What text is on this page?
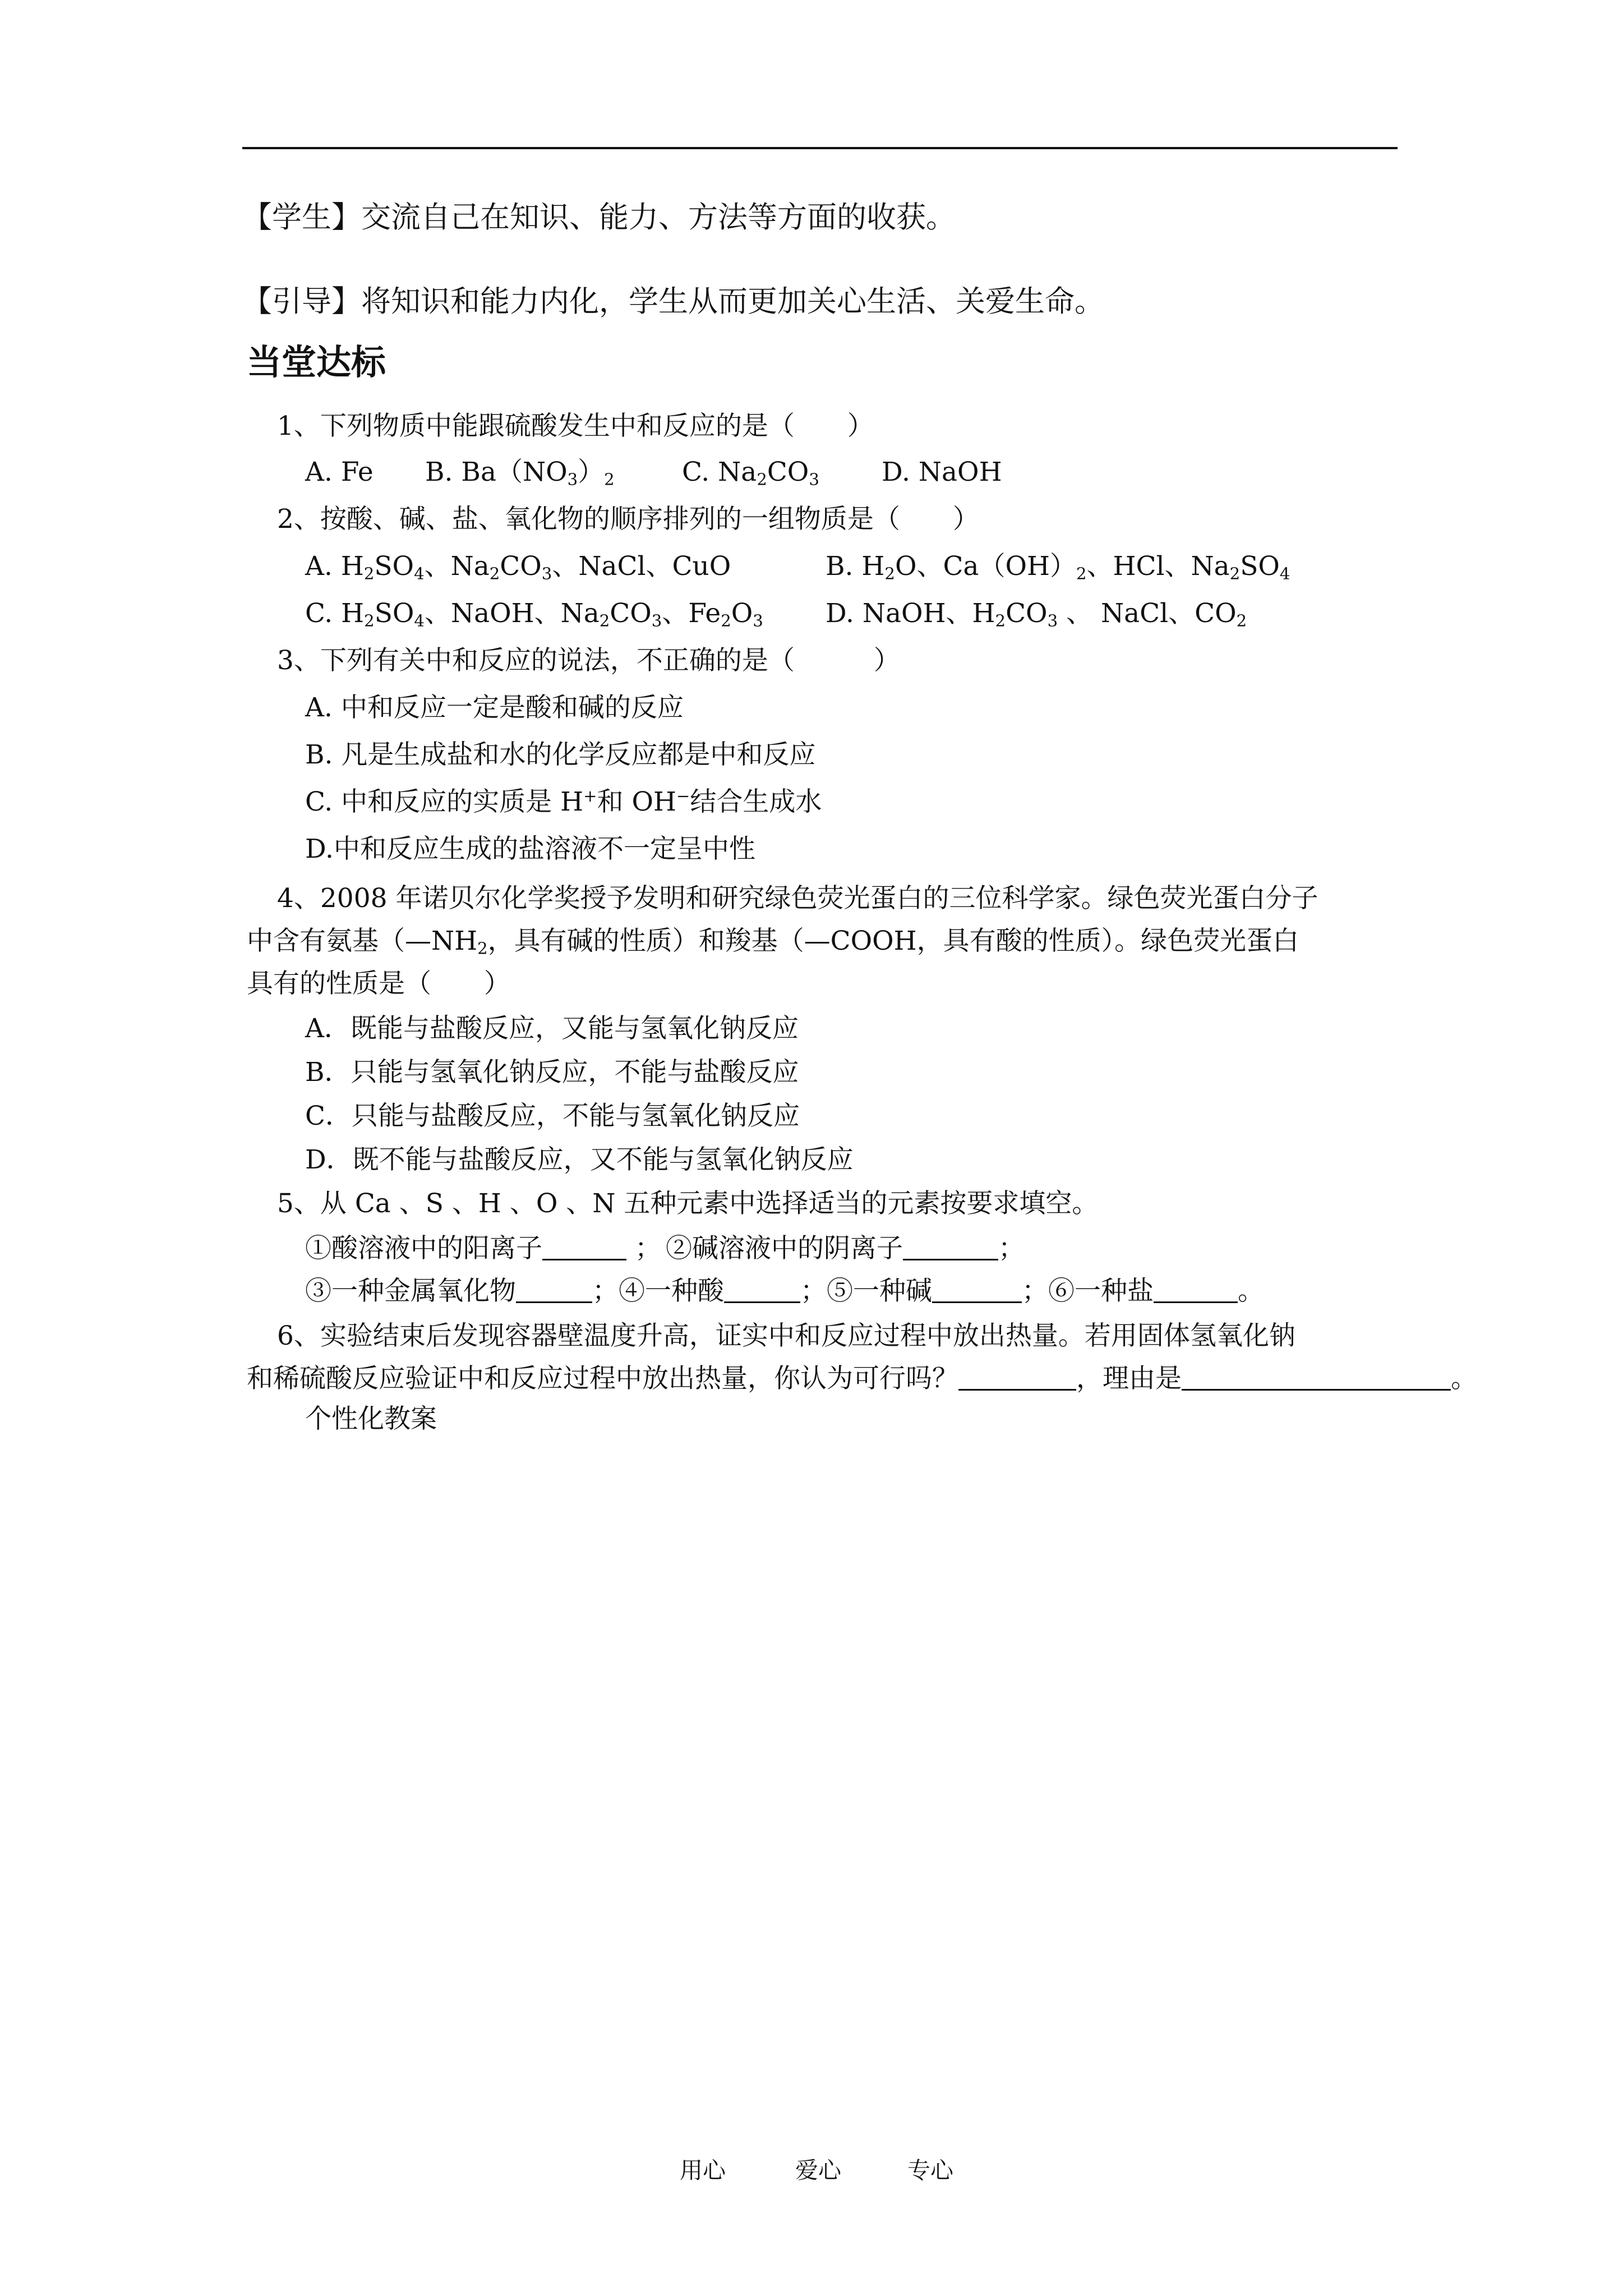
【学生】交流自己在知识、能力、方法等方面的收获。
【引导】将知识和能力内化，学生从而更加关心生活、关爱生命。
当堂达标
1、下列物质中能跟硫酸发生中和反应的是（　　）
A. Fe B. $Ba(NO_3)_2$	C. $Na_2CO_3$ D. NaOH
2、按酸、碱、盐、氧化物的顺序排列的一组物质是（　　）
A. $H_2SO_4$、$Na_2CO_3$、NaCl、CuO	B. $H_2O$、$Ca(OH)_2$、HCl、$Na_2SO_4$
C. $H_2SO_4$、NaOH、$Na_2CO_3$、$Fe_2O_3$ D. NaOH、$H_2CO_3$ 、 NaCl、$CO_2$
3、下列有关中和反应的说法，不正确的是（　　　）
A. 中和反应一定是酸和碱的反应
B. 凡是生成盐和水的化学反应都是中和反应
C. 中和反应的实质是 H+和 OH−结合生成水
D.中和反应生成的盐溶液不一定呈中性
4、2008 年诺贝尔化学奖授予发明和研究绿色荧光蛋白的三位科学家。绿色荧光蛋白分子
中含有氨基（$—NH_2$，具有碱的性质）和羧基（—COOH，具有酸的性质）。绿色荧光蛋白
具有的性质是（　　）
A．既能与盐酸反应，又能与氢氧化钠反应
B．只能与氢氧化钠反应，不能与盐酸反应
C．只能与盐酸反应，不能与氢氧化钠反应
D．既不能与盐酸反应，又不能与氢氧化钠反应
5、从 Ca 、S 、H 、O 、N 五种元素中选择适当的元素按要求填空。
①酸溶液中的阳离子	； ②碱溶液中的阴离子	；
③一种金属氧化物	；④一种酸	；⑤一种碱	；⑥一种盐	。
6、实验结束后发现容器壁温度升高，证实中和反应过程中放出热量。若用固体氢氧化钠
和稀硫酸反应验证中和反应过程中放出热量，你认为可行吗？	，理由是	。
个性化教案
用心	爱心	专心
